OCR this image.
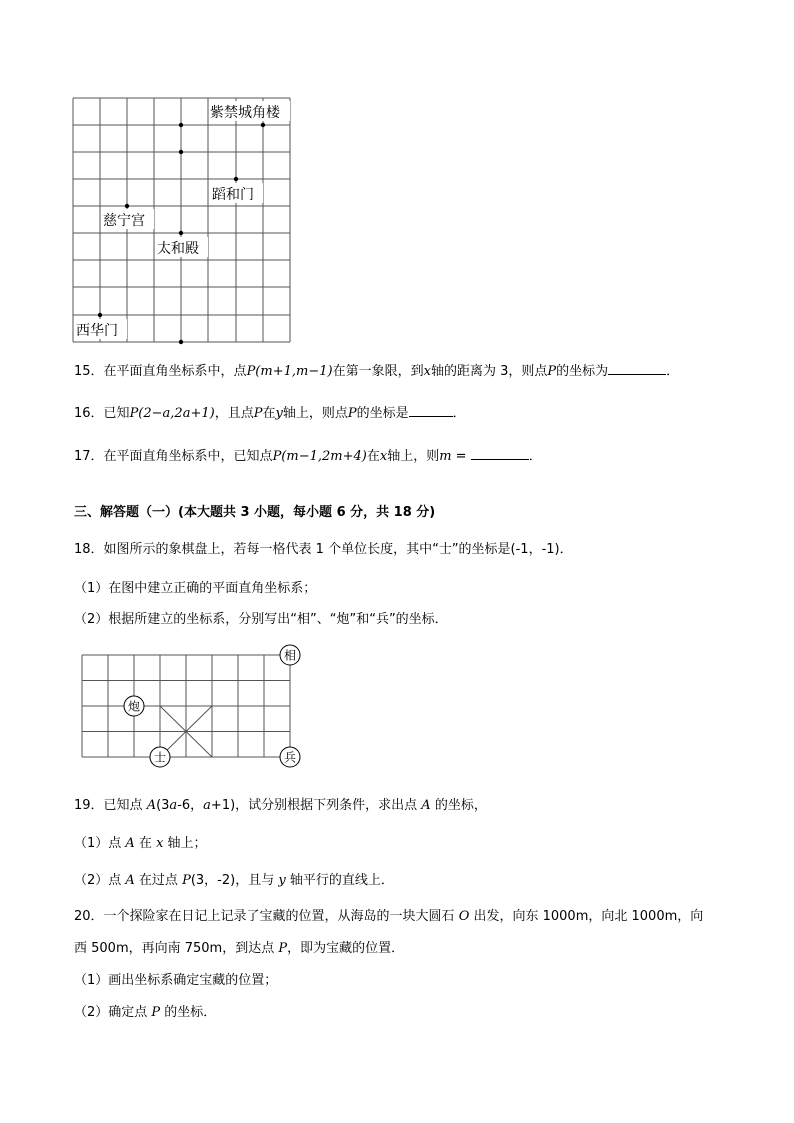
紫禁城角楼
蹈和门
慈宁宫
太和殿
西华门
15．在平面直角坐标系中，点P(m+1,m−1)在第一象限，到x轴的距离为 3，则点P的坐标为	．
16．已知P(2−a,2a+1)，且点P在y轴上，则点P的坐标是	．
17．在平面直角坐标系中，已知点P(m−1,2m+4)在x轴上，则m =	．
三、解答题（一）(本大题共 3 小题，每小题 6 分，共 18 分)
18．如图所示的象棋盘上，若每一格代表 1 个单位长度，其中“士”的坐标是(-1，-1)．
（1）在图中建立正确的平面直角坐标系；
（2）根据所建立的坐标系，分别写出“相”、“炮”和“兵”的坐标．
相
炮
士	兵
19．已知点 A(3a-6，a+1)，试分别根据下列条件，求出点 A 的坐标，
（1）点 A 在 x 轴上；
（2）点 A 在过点 P(3，-2)，且与 y 轴平行的直线上．
20．一个探险家在日记上记录了宝藏的位置，从海岛的一块大圆石 O 出发，向东 1000m，向北 1000m，向
西 500m，再向南 750m，到达点 P，即为宝藏的位置．
（1）画出坐标系确定宝藏的位置；
（2）确定点 P 的坐标．
